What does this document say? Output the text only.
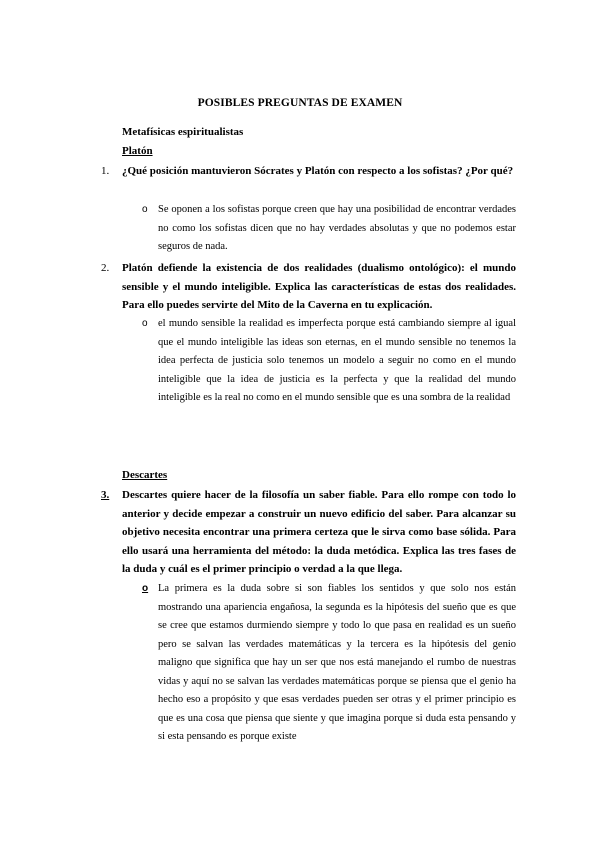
POSIBLES PREGUNTAS DE EXAMEN
Metafísicas espiritualistas
Platón
1. ¿Qué posición mantuvieron Sócrates y Platón con respecto a los sofistas? ¿Por qué?
o Se oponen a los sofistas porque creen que hay una posibilidad de encontrar verdades no como los sofistas dicen que no hay verdades absolutas y que no podemos estar seguros de nada.
2. Platón defiende la existencia de dos realidades (dualismo ontológico): el mundo sensible y el mundo inteligible. Explica las características de estas dos realidades. Para ello puedes servirte del Mito de la Caverna en tu explicación.
o el mundo sensible la realidad es imperfecta porque está cambiando siempre al igual que el mundo inteligible las ideas son eternas, en el mundo sensible no tenemos la idea perfecta de justicia solo tenemos un modelo a seguir no como en el mundo inteligible que la idea de justicia es la perfecta y que la realidad del mundo inteligible es la real no como en el mundo sensible que es una sombra de la realidad
Descartes
3. Descartes quiere hacer de la filosofía un saber fiable. Para ello rompe con todo lo anterior y decide empezar a construir un nuevo edificio del saber. Para alcanzar su objetivo necesita encontrar una primera certeza que le sirva como base sólida. Para ello usará una herramienta del método: la duda metódica. Explica las tres fases de la duda y cuál es el primer principio o verdad a la que llega.
o La primera es la duda sobre si son fiables los sentidos y que solo nos están mostrando una apariencia engañosa, la segunda es la hipótesis del sueño que es que se cree que estamos durmiendo siempre y todo lo que pasa en realidad es un sueño pero se salvan las verdades matemáticas y la tercera es la hipótesis del genio maligno que significa que hay un ser que nos está manejando el rumbo de nuestras vidas y aquí no se salvan las verdades matemáticas porque se piensa que el genio ha hecho eso a propósito y que esas verdades pueden ser otras y el primer principio es que es una cosa que piensa que siente y que imagina porque si duda esta pensando y si esta pensando es porque existe
